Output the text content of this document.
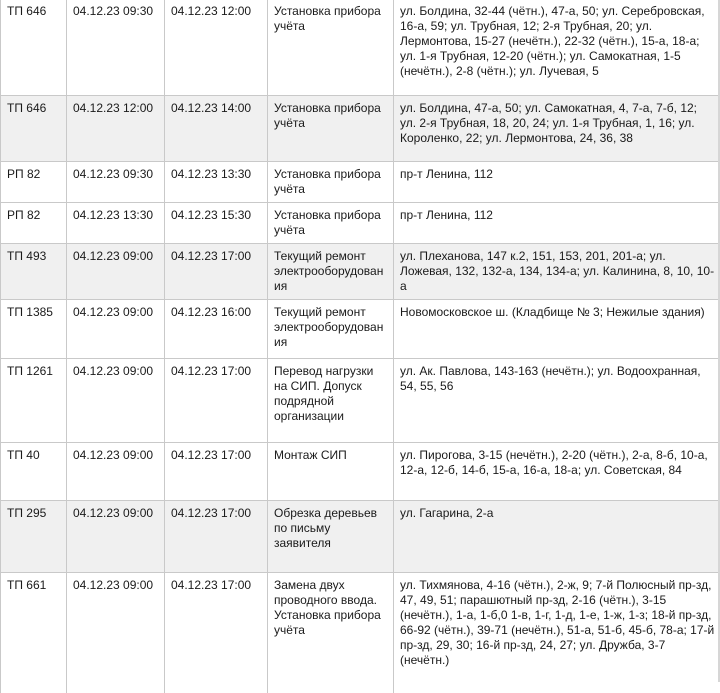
ТП 646	04.12.23 09:30	04.12.23 12:00	Установка прибора учёта	ул. Болдина, 32-44 (чётн.), 47-а, 50; ул. Серебровская, 16-а, 59; ул. Трубная, 12; 2-я Трубная, 20; ул. Лермонтова, 15-27 (нечётн.), 22-32 (чётн.), 15-а, 18-а; ул. 1-я Трубная, 12-20 (чётн.); ул. Самокатная, 1-5 (нечётн.), 2-8 (чётн.); ул. Лучевая, 5
ТП 646	04.12.23 12:00	04.12.23 14:00	Установка прибора учёта	ул. Болдина, 47-а, 50; ул. Самокатная, 4, 7-а, 7-б, 12; ул. 2-я Трубная, 18, 20, 24; ул. 1-я Трубная, 1, 16; ул. Короленко, 22; ул. Лермонтова, 24, 36, 38
РП 82	04.12.23 09:30	04.12.23 13:30	Установка прибора учёта	пр-т Ленина, 112
РП 82	04.12.23 13:30	04.12.23 15:30	Установка прибора учёта	пр-т Ленина, 112
ТП 493	04.12.23 09:00	04.12.23 17:00	Текущий ремонт электрооборудования	ул. Плеханова, 147 к.2, 151, 153, 201, 201-а; ул. Ложевая, 132, 132-а, 134, 134-а; ул. Калинина, 8, 10, 10-а
ТП 1385	04.12.23 09:00	04.12.23 16:00	Текущий ремонт электрооборудования	Новомосковское ш. (Кладбище № 3; Нежилые здания)
ТП 1261	04.12.23 09:00	04.12.23 17:00	Перевод нагрузки на СИП. Допуск подрядной организации	ул. Ак. Павлова, 143-163 (нечётн.); ул. Водоохранная, 54, 55, 56
ТП 40	04.12.23 09:00	04.12.23 17:00	Монтаж СИП	ул. Пирогова, 3-15 (нечётн.), 2-20 (чётн.), 2-а, 8-б, 10-а, 12-а, 12-б, 14-б, 15-а, 16-а, 18-а; ул. Советская, 84
ТП 295	04.12.23 09:00	04.12.23 17:00	Обрезка деревьев по письму заявителя	ул. Гагарина, 2-а
ТП 661	04.12.23 09:00	04.12.23 17:00	Замена двух проводного ввода. Установка прибора учёта	ул. Тихмянова, 4-16 (чётн.), 2-ж, 9; 7-й Полюсный пр-зд, 47, 49, 51; парашютный пр-зд, 2-16 (чётн.), 3-15 (нечётн.), 1-а, 1-б,0 1-в, 1-г, 1-д, 1-е, 1-ж, 1-з; 18-й пр-зд, 66-92 (чётн.), 39-71 (нечётн.), 51-а, 51-б, 45-б, 78-а; 17-й пр-зд, 29, 30; 16-й пр-зд, 24, 27; ул. Дружба, 3-7 (нечётн.)
